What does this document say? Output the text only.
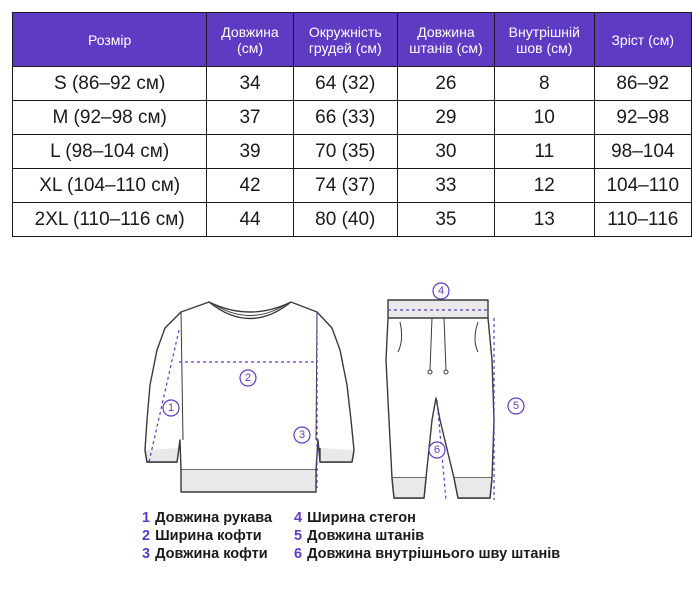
Розмір	Довжина (см)	Окружність грудей (см)	Довжина штанів (см)	Внутрішній шов (см)	Зріст (см)
S (86–92 см)	34	64 (32)	26	8	86–92
M (92–98 см)	37	66 (33)	29	10	92–98
L (98–104 см)	39	70 (35)	30	11	98–104
XL (104–110 см)	42	74 (37)	33	12	104–110
2XL (110–116 см)	44	80 (40)	35	13	110–116
1
2
3
4
5
6
1 Довжина рукава
2 Ширина кофти
3 Довжина кофти
4 Ширина стегон
5 Довжина штанів
6 Довжина внутрішнього шву штанів
